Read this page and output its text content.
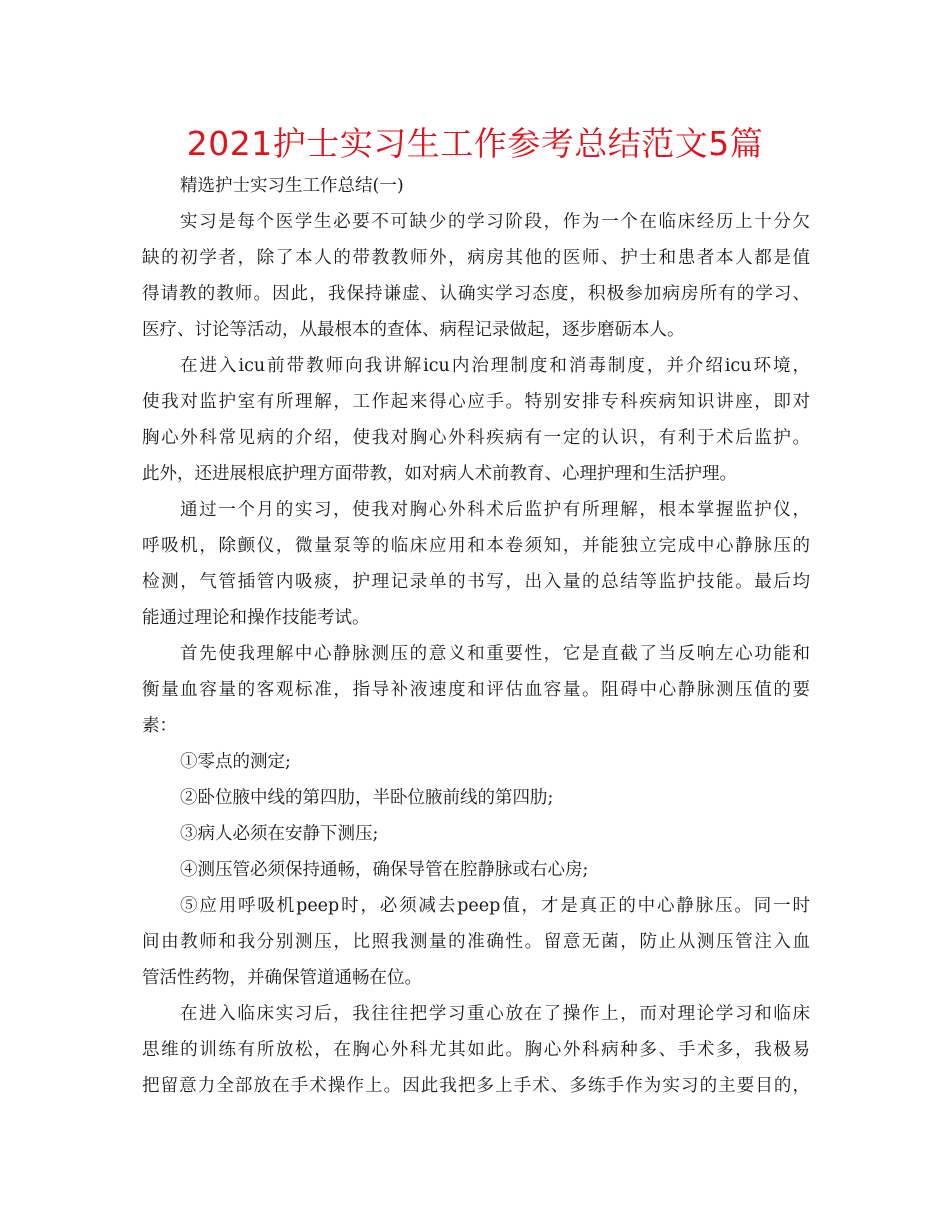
2021护士实习生工作参考总结范文5篇

精选护士实习生工作总结(一)

实习是每个医学生必要不可缺少的学习阶段，作为一个在临床经历上十分欠

缺的初学者，除了本人的带教教师外，病房其他的医师、护士和患者本人都是值

得请教的教师。因此，我保持谦虚、认确实学习态度，积极参加病房所有的学习、

医疗、讨论等活动，从最根本的查体、病程记录做起，逐步磨砺本人。

在进入icu前带教师向我讲解icu内治理制度和消毒制度，并介绍icu环境，

使我对监护室有所理解，工作起来得心应手。特别安排专科疾病知识讲座，即对

胸心外科常见病的介绍，使我对胸心外科疾病有一定的认识，有利于术后监护。

此外，还进展根底护理方面带教，如对病人术前教育、心理护理和生活护理。

通过一个月的实习，使我对胸心外科术后监护有所理解，根本掌握监护仪，

呼吸机，除颤仪，微量泵等的临床应用和本卷须知，并能独立完成中心静脉压的

检测，气管插管内吸痰，护理记录单的书写，出入量的总结等监护技能。最后均

能通过理论和操作技能考试。

首先使我理解中心静脉测压的意义和重要性，它是直截了当反响左心功能和

衡量血容量的客观标准，指导补液速度和评估血容量。阻碍中心静脉测压值的要

素：

①零点的测定;

②卧位腋中线的第四肋，半卧位腋前线的第四肋;

③病人必须在安静下测压;

④测压管必须保持通畅，确保导管在腔静脉或右心房;

⑤应用呼吸机peep时，必须减去peep值，才是真正的中心静脉压。同一时

间由教师和我分别测压，比照我测量的准确性。留意无菌，防止从测压管注入血

管活性药物，并确保管道通畅在位。

在进入临床实习后，我往往把学习重心放在了操作上，而对理论学习和临床

思维的训练有所放松，在胸心外科尤其如此。胸心外科病种多、手术多，我极易

把留意力全部放在手术操作上。因此我把多上手术、多练手作为实习的主要目的，
